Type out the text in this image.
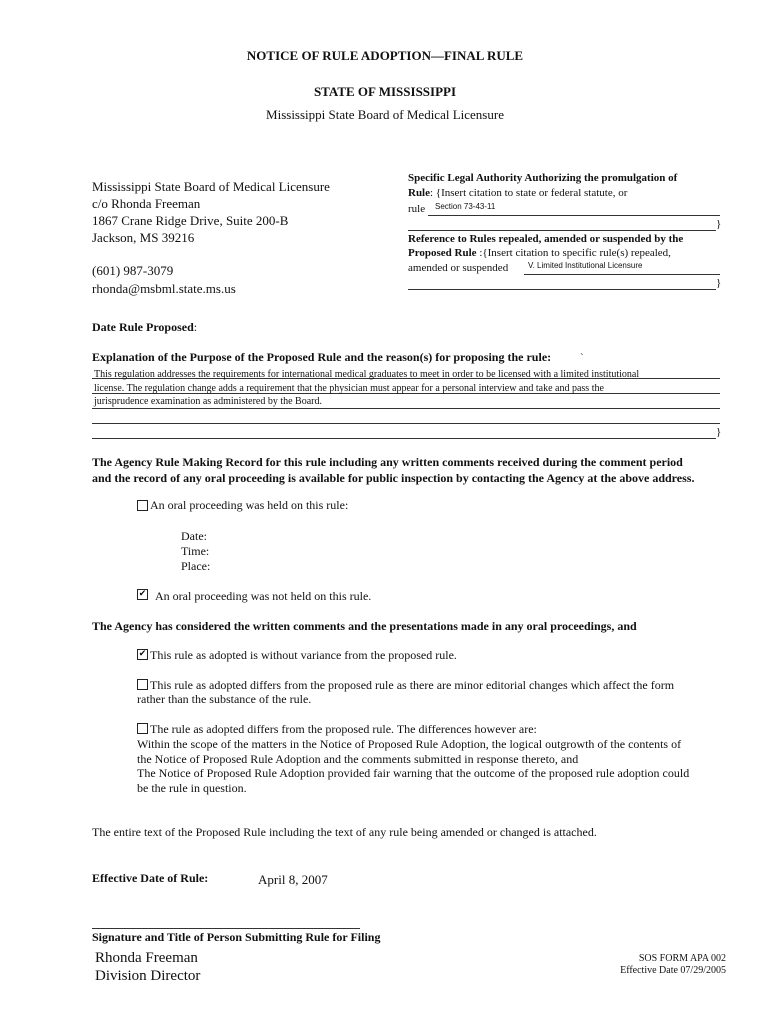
NOTICE OF RULE ADOPTION—FINAL RULE
STATE OF MISSISSIPPI
Mississippi State Board of Medical Licensure
Mississippi State Board of Medical Licensure
c/o Rhonda Freeman
1867 Crane Ridge Drive, Suite 200-B
Jackson, MS 39216
(601) 987-3079
rhonda@msbml.state.ms.us
Specific Legal Authority Authorizing the promulgation of
Rule: {Insert citation to state or federal statute, or
rule Section 73-43-11
}
Reference to Rules repealed, amended or suspended by the
Proposed Rule :{Insert citation to specific rule(s) repealed,
amended or suspended V. Limited Institutional Licensure
}
Date Rule Proposed:
Explanation of the Purpose of the Proposed Rule and the reason(s) for proposing the rule:	`
}
This regulation addresses the requirements for international medical graduates to meet in order to be licensed with a limited institutional
license. The regulation change adds a requirement that the physician must appear for a personal interview and take and pass the
jurisprudence examination as administered by the Board.
The Agency Rule Making Record for this rule including any written comments received during the comment period
and the record of any oral proceeding is available for public inspection by contacting the Agency at the above address.
An oral proceeding was held on this rule:
Date:
Time:
Place:
✔ An oral proceeding was not held on this rule.
The Agency has considered the written comments and the presentations made in any oral proceedings, and
✔ This rule as adopted is without variance from the proposed rule.
This rule as adopted differs from the proposed rule as there are minor editorial changes which affect the form
rather than the substance of the rule.
The rule as adopted differs from the proposed rule. The differences however are:
Within the scope of the matters in the Notice of Proposed Rule Adoption, the logical outgrowth of the contents of
the Notice of Proposed Rule Adoption and the comments submitted in response thereto, and
The Notice of Proposed Rule Adoption provided fair warning that the outcome of the proposed rule adoption could
be the rule in question.
The entire text of the Proposed Rule including the text of any rule being amended or changed is attached.
Effective Date of Rule:	April 8, 2007
Signature and Title of Person Submitting Rule for Filing
Rhonda Freeman
Division Director
SOS FORM APA 002
Effective Date 07/29/2005
